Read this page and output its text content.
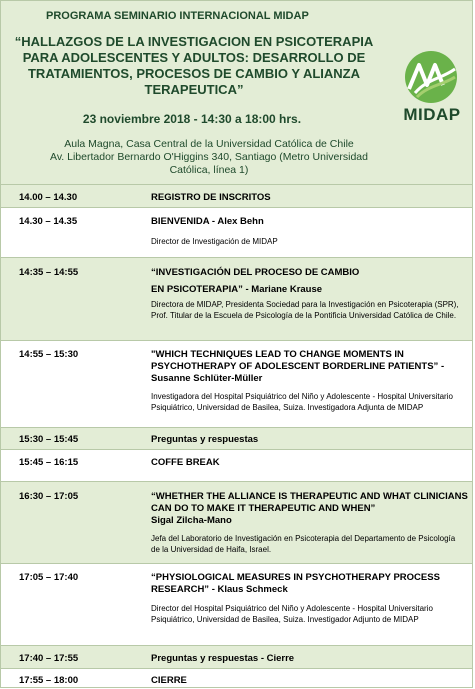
PROGRAMA SEMINARIO INTERNACIONAL MIDAP
“HALLAZGOS DE LA INVESTIGACION EN PSICOTERAPIA PARA ADOLESCENTES Y ADULTOS: DESARROLLO DE TRATAMIENTOS, PROCESOS DE CAMBIO Y ALIANZA TERAPEUTICA”
23 noviembre 2018 - 14:30 a 18:00 hrs.
Aula Magna, Casa Central de la Universidad Católica de Chile
Av. Libertador Bernardo O'Higgins 340, Santiago (Metro Universidad Católica, línea 1)
MIDAP
14.00 – 14.30	REGISTRO DE INSCRITOS
14.30 – 14.35	BIENVENIDA - Alex Behn
Director de Investigación de MIDAP
14:35 – 14:55	“INVESTIGACIÓN DEL PROCESO DE CAMBIO
EN PSICOTERAPIA” - Mariane Krause
Directora de MIDAP, Presidenta Sociedad para la Investigación en Psicoterapia (SPR), Prof. Titular de la Escuela de Psicología de la Pontificia Universidad Católica de Chile.
14:55 – 15:30	"WHICH TECHNIQUES LEAD TO CHANGE MOMENTS IN PSYCHOTHERAPY OF ADOLESCENT BORDERLINE PATIENTS” - Susanne Schlüter-Müller
Investigadora del Hospital Psiquiátrico del Niño y Adolescente - Hospital Universitario Psiquiátrico, Universidad de Basilea, Suiza. Investigadora Adjunta de MIDAP
15:30 – 15:45	Preguntas y respuestas
15:45 – 16:15	COFFE BREAK
16:30 – 17:05	“WHETHER THE ALLIANCE IS THERAPEUTIC AND WHAT CLINICIANS CAN DO TO MAKE IT THERAPEUTIC AND WHEN”
Sigal Zilcha-Mano
Jefa del Laboratorio de Investigación en Psicoterapia del Departamento de Psicología de la Universidad de Haifa, Israel.
17:05 – 17:40	“PHYSIOLOGICAL MEASURES IN PSYCHOTHERAPY PROCESS RESEARCH” - Klaus Schmeck
Director del Hospital Psiquiátrico del Niño y Adolescente - Hospital Universitario Psiquiátrico, Universidad de Basilea, Suiza. Investigador Adjunto de MIDAP
17:40 – 17:55	Preguntas y respuestas - Cierre
17:55 – 18:00	CIERRE
